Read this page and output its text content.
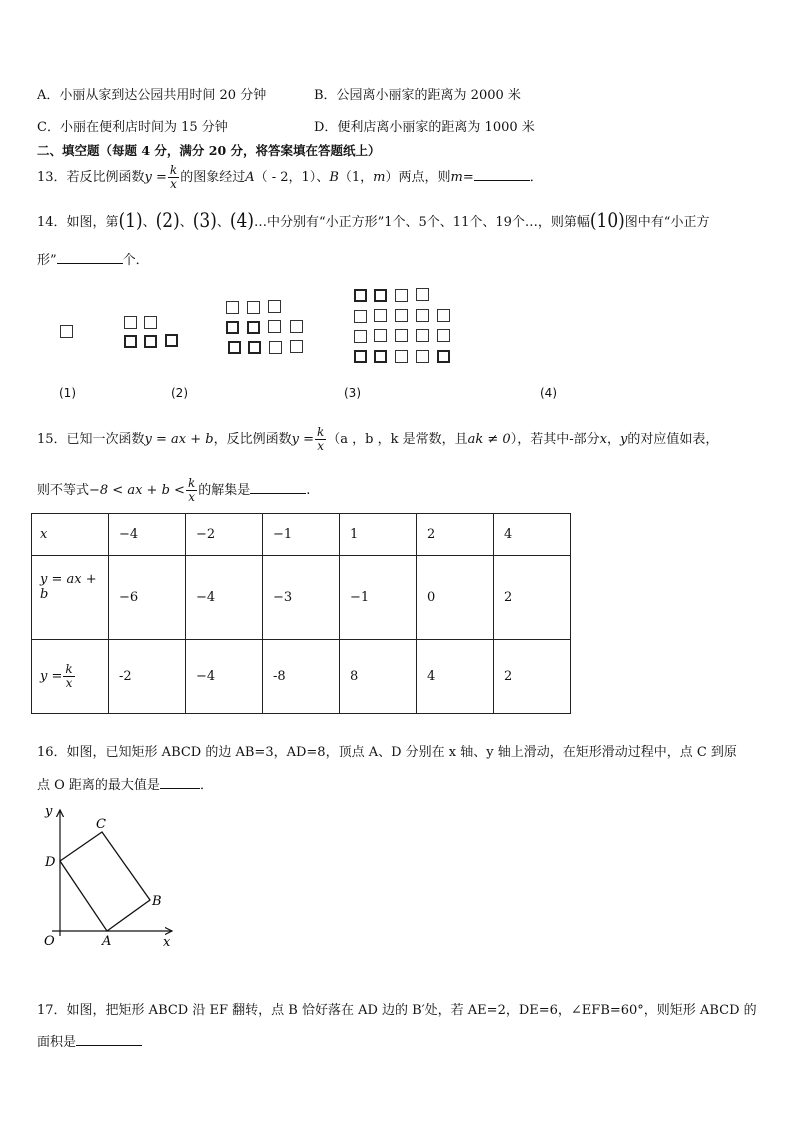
A．小丽从家到达公园共用时间 20 分钟	B．公园离小丽家的距离为 2000 米
C．小丽在便利店时间为 15 分钟	D．便利店离小丽家的距离为 1000 米
二、填空题（每题 4 分，满分 20 分，将答案填在答题纸上）
13．若反比例函数$y = \frac{k}{x}$ 的图象经过A（ - 2，1）、B（1，m）两点，则m=	．
14．如图，第(1)、(2)、(3)、(4)…中分别有“小正方形”1个、5个、11个、19个…，则第幅(10)图中有“小正方
形”	个．
(1)	(2)	(3)	(4)
15．已知一次函数y = ax + b，反比例函数$y = \frac{k}{x} (a$ ，b ，k 是常数，且ak ≠ 0），若其中-部分x，y的对应值如表，
则不等式−8 < ax + $b < \frac{k}{x}$ 的解集是	.
x	−4	−2	−1	1	2	4
y = ax + b	−6	−4	−3	−1	0	2
$y = \frac{k}{x}$	-2	−4	-8	8	4	2
16．如图，已知矩形 ABCD 的边 AB=3，AD=8，顶点 A、D 分别在 x 轴、y 轴上滑动，在矩形滑动过程中，点 C 到原
点 O 距离的最大值是	．
y
x
O	A
B
C
D
17．如图，把矩形 ABCD 沿 EF 翻转，点 B 恰好落在 AD 边的 B′处，若 AE=2，DE=6，∠EFB=60°，则矩形 ABCD 的
面积是
